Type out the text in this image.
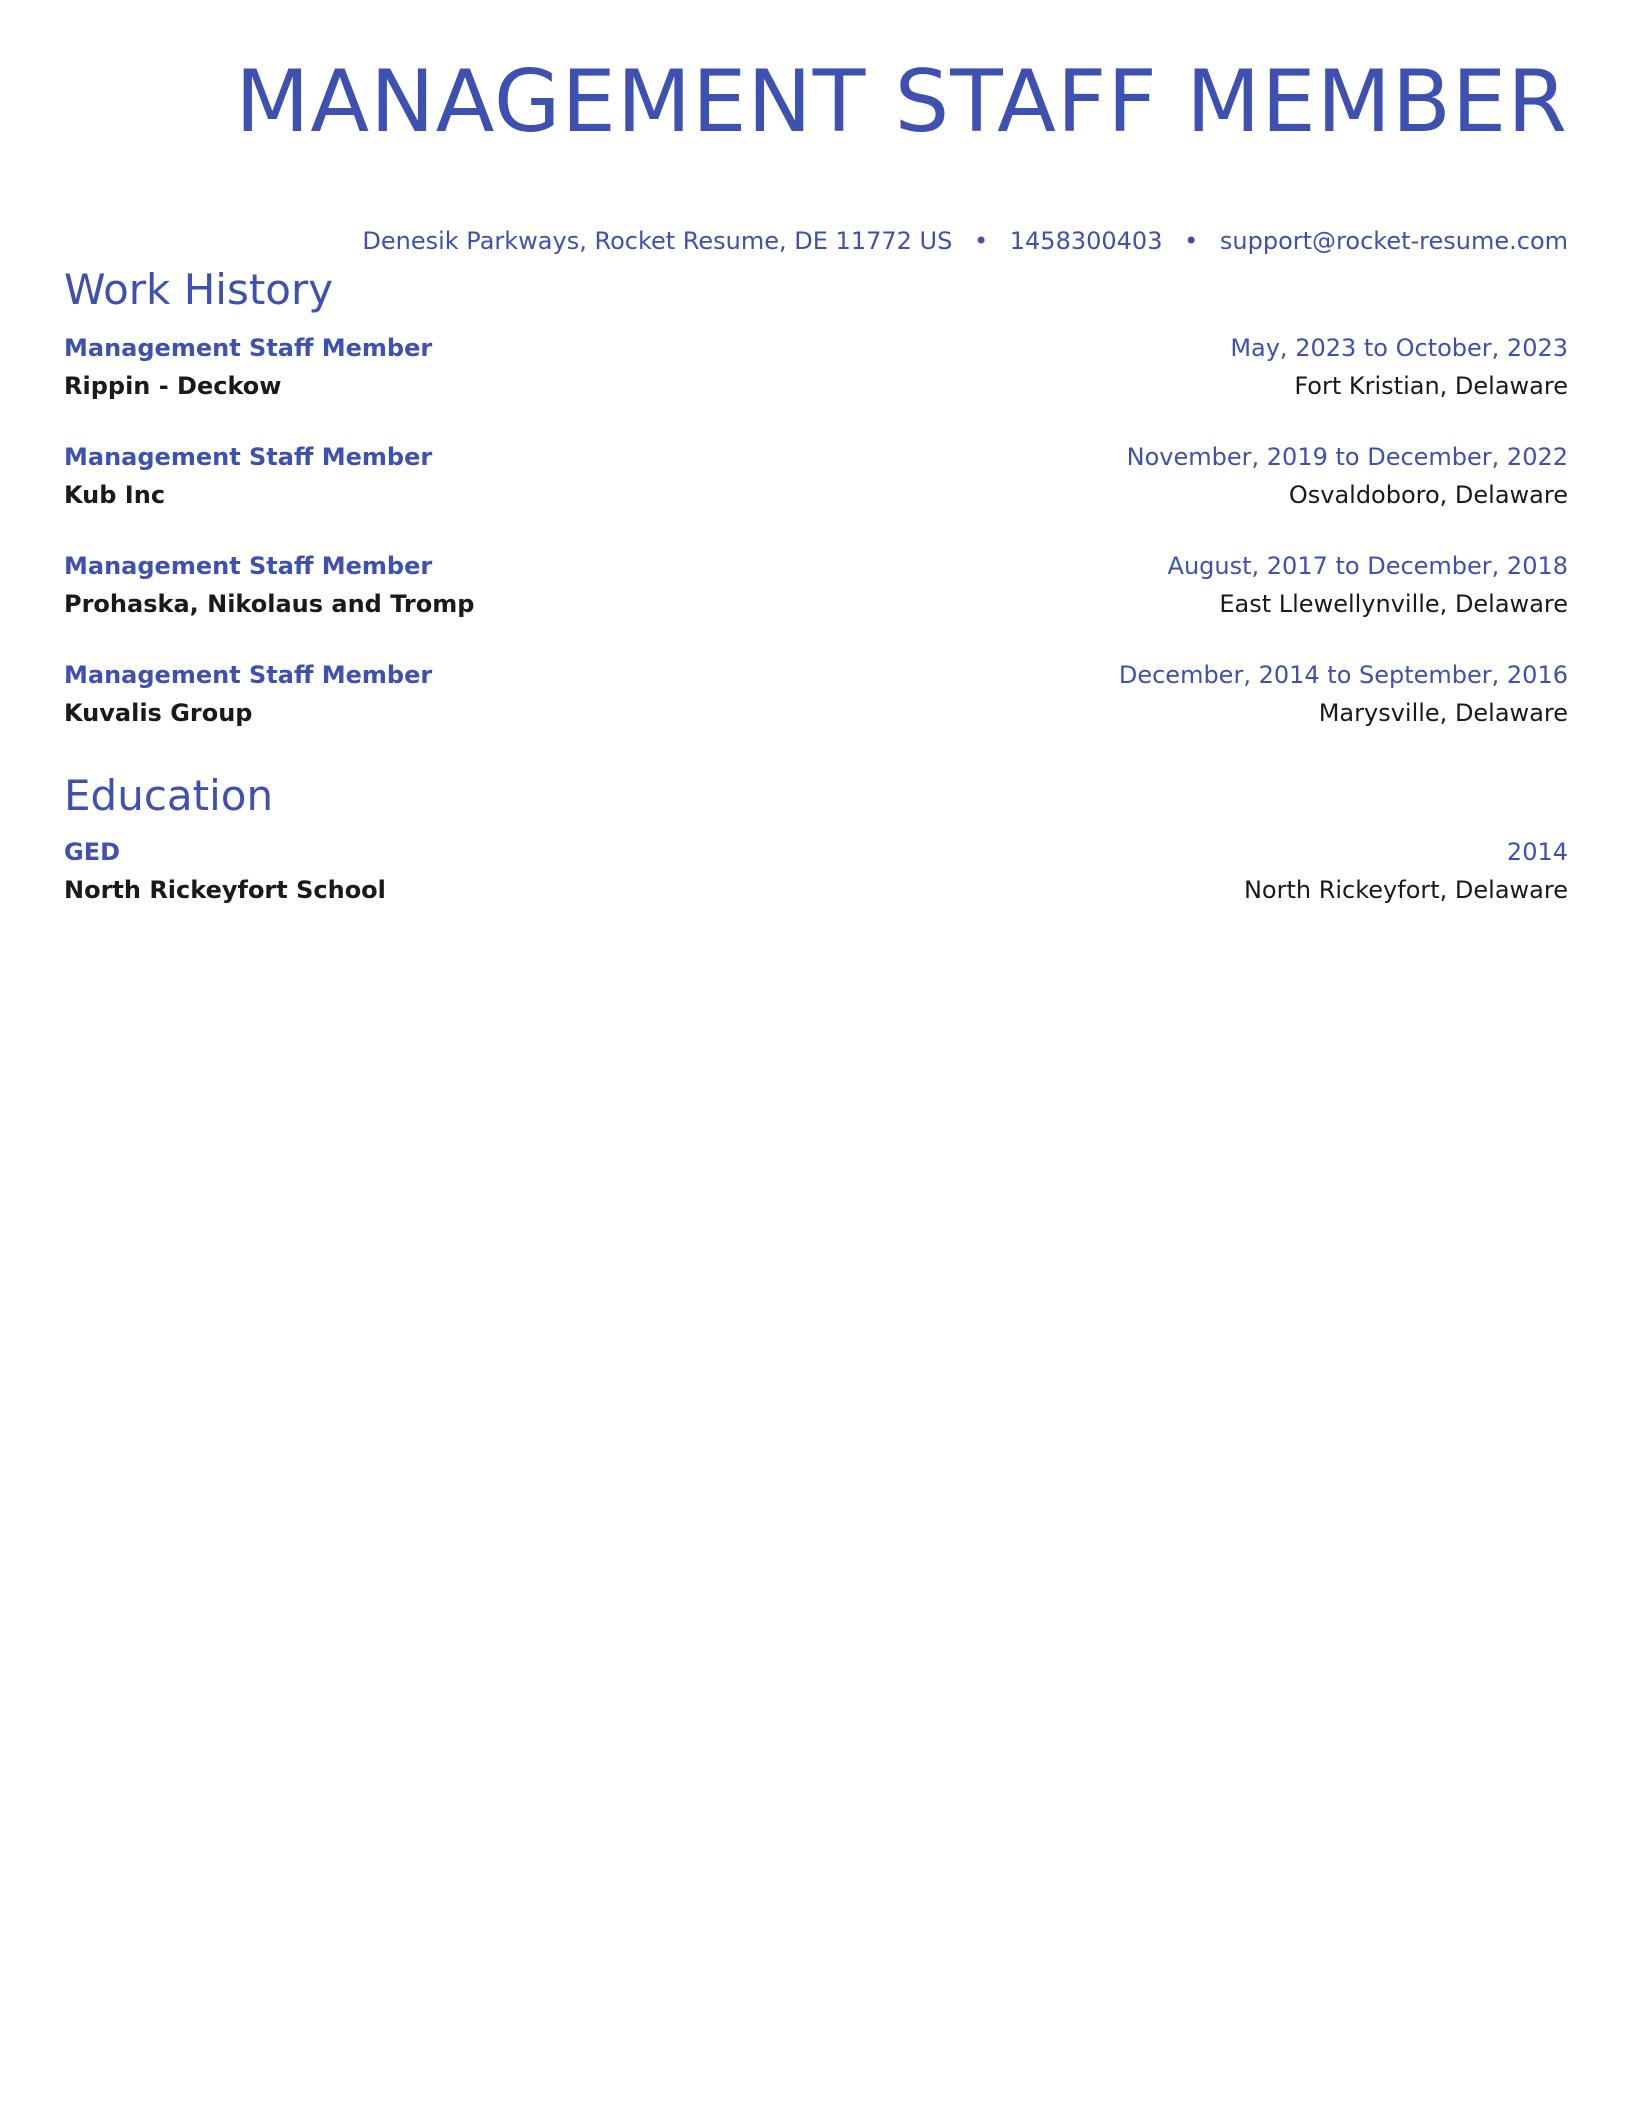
MANAGEMENT STAFF MEMBER
Denesik Parkways, Rocket Resume, DE 11772 US • 1458300403 • support@rocket-resume.com
Work History
Management Staff Member	May, 2023 to October, 2023
Rippin - Deckow	Fort Kristian, Delaware
Management Staff Member	November, 2019 to December, 2022
Kub Inc	Osvaldoboro, Delaware
Management Staff Member	August, 2017 to December, 2018
Prohaska, Nikolaus and Tromp	East Llewellynville, Delaware
Management Staff Member	December, 2014 to September, 2016
Kuvalis Group	Marysville, Delaware
Education
GED	2014
North Rickeyfort School	North Rickeyfort, Delaware
